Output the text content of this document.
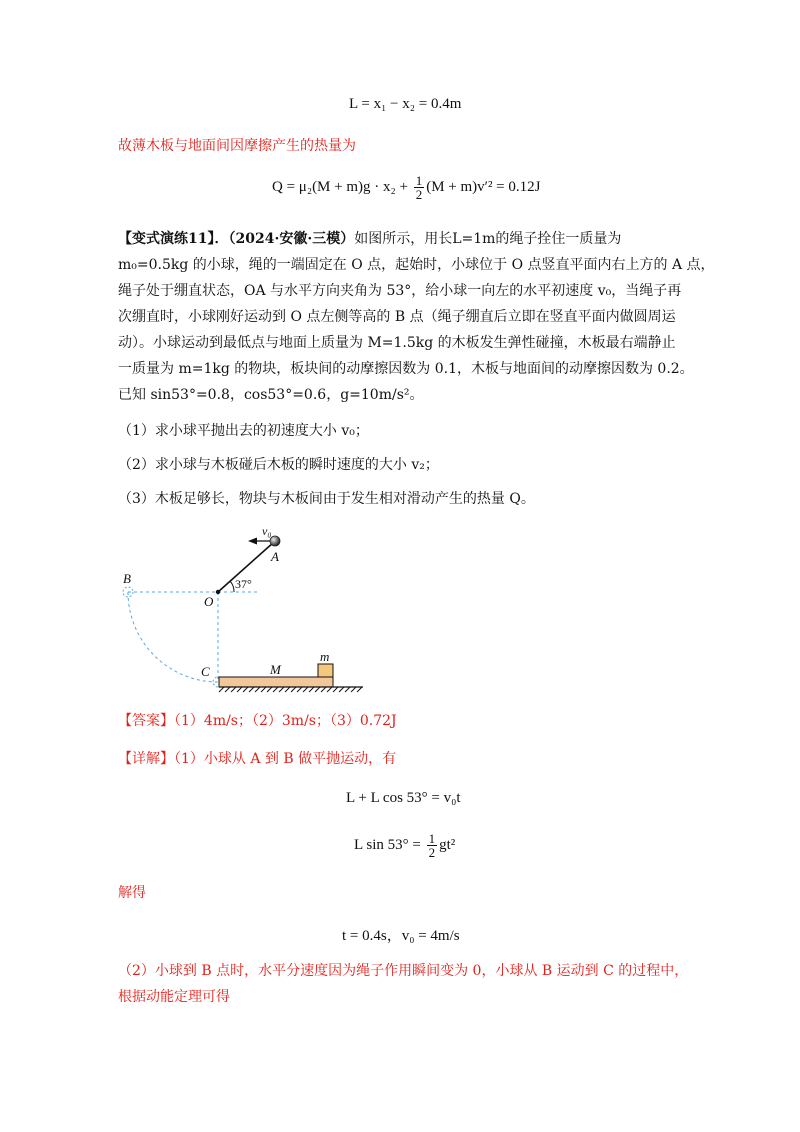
L = x₁ − x₂ = 0.4m
故薄木板与地面间因摩擦产生的热量为
$Q = \mu_2(M + m)g \cdot x_2 + \frac{1}{2} (M + m)v'^2 = 0.12J$
【变式演练11】．（2024·安徽·三模）如图所示，用长L=1m的绳子拴住一质量为
m₀=0.5kg 的小球，绳的一端固定在 O 点，起始时，小球位于 O 点竖直平面内右上方的 A 点，
绳子处于绷直状态，OA 与水平方向夹角为 53°，给小球一向左的水平初速度 v₀，当绳子再
次绷直时，小球刚好运动到 O 点左侧等高的 B 点（绳子绷直后立即在竖直平面内做圆周运
动）。小球运动到最低点与地面上质量为 M=1.5kg 的木板发生弹性碰撞，木板最右端静止
一质量为 m=1kg 的物块，板块间的动摩擦因数为 0.1，木板与地面间的动摩擦因数为 0.2。
已知 sin53°=0.8，cos53°=0.6，g=10m/s²。
（1）求小球平抛出去的初速度大小 v₀；
（2）求小球与木板碰后木板的瞬时速度的大小 v₂；
（3）木板足够长，物块与木板间由于发生相对滑动产生的热量 Q。
v₀
A
37°
B
O
C	M
m
【答案】（1）4m/s；（2）3m/s；（3）0.72J
【详解】（1）小球从 A 到 B 做平抛运动，有
L + L cos 53° = v₀t
L $\sin 53^\circ = \frac{1}{2} gt^2$
解得
t = 0.4s，v₀ = 4m/s
（2）小球到 B 点时，水平分速度因为绳子作用瞬间变为 0，小球从 B 运动到 C 的过程中，
根据动能定理可得
